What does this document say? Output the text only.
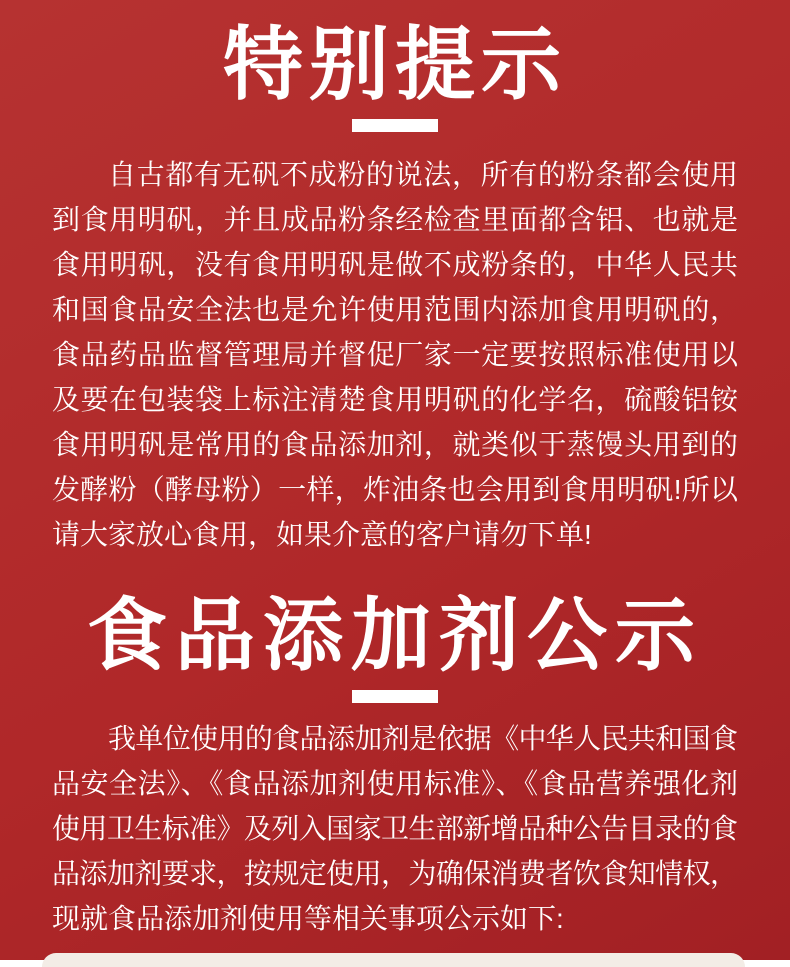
特别提示
自古都有无矾不成粉的说法，所有的粉条都会使用
到食用明矾，并且成品粉条经检查里面都含铝、也就是
食用明矾，没有食用明矾是做不成粉条的，中华人民共
和国食品安全法也是允许使用范围内添加食用明矾的，
食品药品监督管理局并督促厂家一定要按照标准使用以
及要在包装袋上标注清楚食用明矾的化学名，硫酸铝铵
食用明矾是常用的食品添加剂，就类似于蒸馒头用到的
发酵粉（酵母粉）一样，炸油条也会用到食用明矾!所以
请大家放心食用，如果介意的客户请勿下单!
食品添加剂公示
我单位使用的食品添加剂是依据《中华人民共和国食
品安全法》、《食品添加剂使用标准》、《食品营养强化剂
使用卫生标准》及列入国家卫生部新增品种公告目录的食
品添加剂要求，按规定使用，为确保消费者饮食知情权，
现就食品添加剂使用等相关事项公示如下:
